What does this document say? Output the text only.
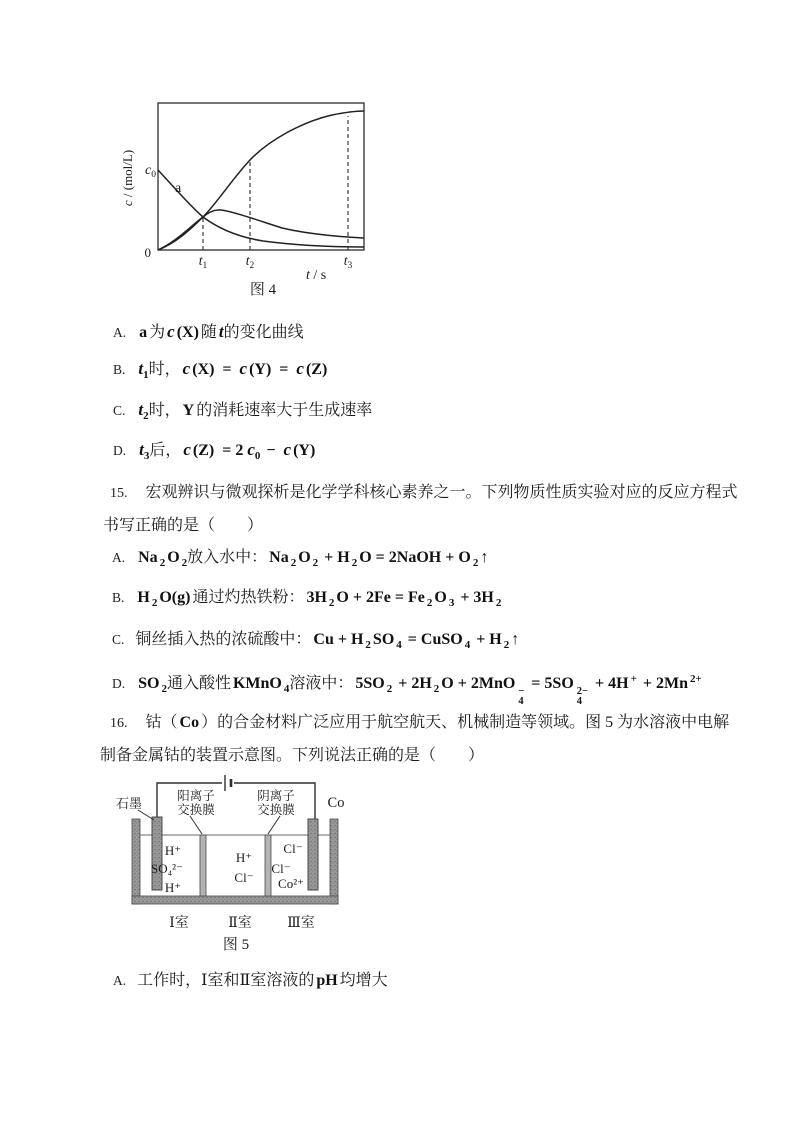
c / (mol/L) $c_0$
a
0
$t_1$	$t_2$	$t_3$
t / s
图 4
A. a 为 c (X) 随 t的变化曲线
B. $t_1$时， c (X) = c (Y) = c (Z)
C. $t_2$时， Y 的消耗速率大于生成速率
D. $t_3$后， c (Z) = 2 $c_0 - c$ (Y)
15.　宏观辨识与微观探析是化学学科核心素养之一。下列物质性质实验对应的反应方程式
书写正确的是（　　）
A. Na $_2$ O $_2$放入水中： Na $_2$ O $_2$ + H $_2$ O = 2NaOH + O $_2$ ↑
B. H $_2$ O(g) 通过灼热铁粉： 3H $_2$ O + 2Fe = Fe $_2$ O $_3$ + 3H $_2$
C. 铜丝插入热的浓硫酸中： Cu + H $_2$ SO $_4$ = CuSO $_4$ + H $_2$ ↑
D. SO $_2$通入酸性 KMnO $_4$溶液中： 5SO $_2$ + 2H $_2$ O + 2MnO −
4
= 5SO 2−
4
+ 4H + + 2Mn $^{2+}$
16.　钴（ Co ）的合金材料广泛应用于航空航天、机械制造等领域。图 5 为水溶液中电解
制备金属钴的装置示意图。下列说法正确的是（　　）
石墨	Co
阳离子
交换膜
阴离子
交换膜
H⁺
SO₄²⁻
H⁺
H⁺
Cl⁻
Cl⁻
Cl⁻
Co²⁺
Ⅰ室	Ⅱ室	Ⅲ室
图 5
A. 工作时，Ⅰ室和Ⅱ室溶液的 pH 均增大
